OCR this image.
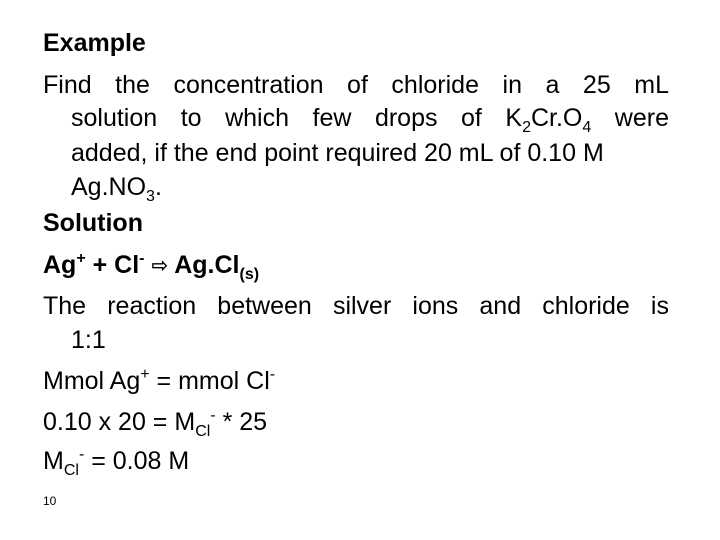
Example
Find the concentration of chloride in a 25 mL
solution to which few drops of $K_2Cr.O_4$ were
added, if the end point required 20 mL of 0.10 M
$Ag.NO_3$.
Solution
Ag+ + Cl- ⇨ $Ag.Cl_{(s)}$
The reaction between silver ions and chloride is
1:1
Mmol Ag+ = mmol Cl-
0.10 x $20 = M_{Cl}^- * 25$
$M_{Cl}^- = 0.08$ M
10
